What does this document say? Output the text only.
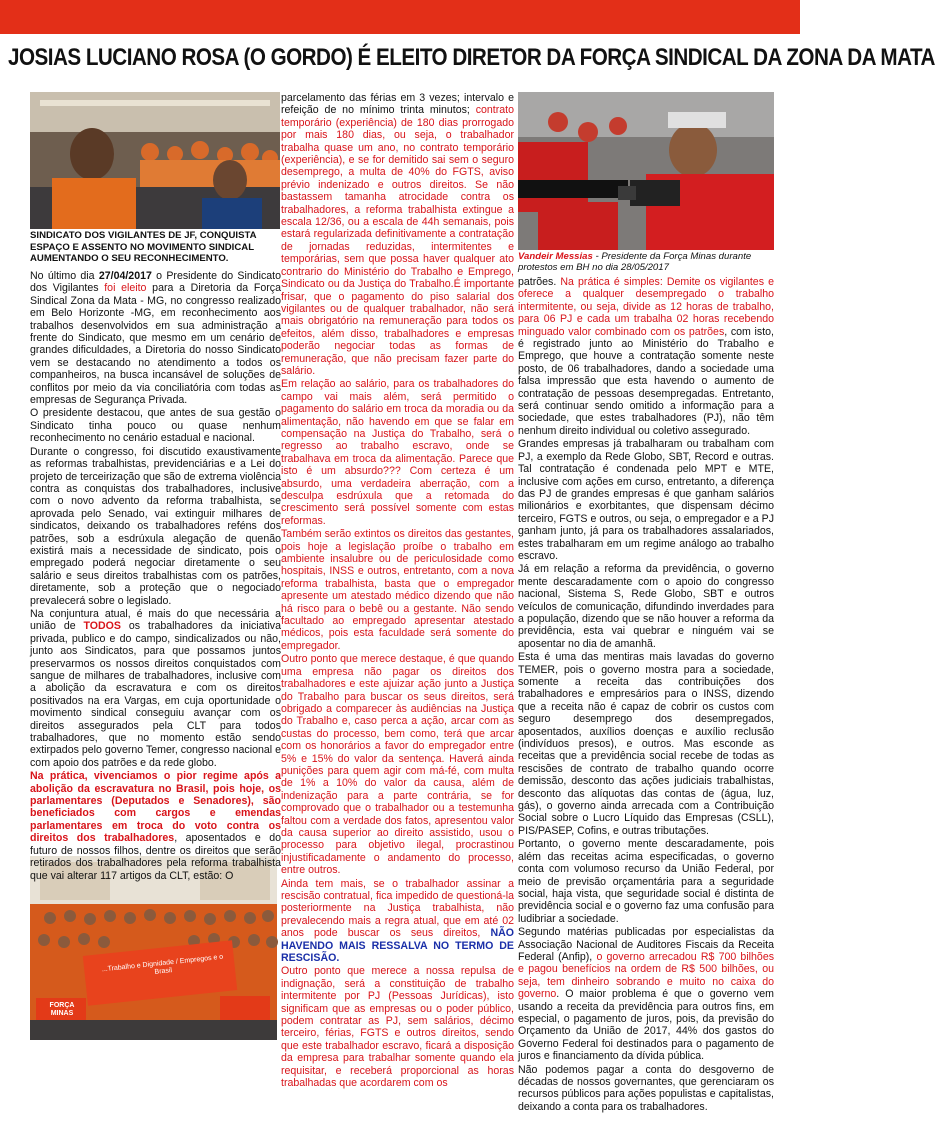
JOSIAS LUCIANO ROSA (O GORDO) É ELEITO DIRETOR DA FORÇA SINDICAL DA ZONA DA MATA
SINDICATO DOS VIGILANTES DE JF, CONQUISTA ESPAÇO E ASSENTO NO MOVIMENTO SINDICAL AUMENTANDO O SEU RECONHECIMENTO.	Vandeir Messias - Presidente da Força Minas durante protestos em BH no dia 28/05/2017
FORÇA MINAS
...Trabalho e Dignidade / Empregos e o Brasil

No último dia 27/04/2017 o Presidente do Sindicato dos Vigilantes foi eleito para a Diretoria da Força Sindical Zona da Mata - MG, no congresso realizado em Belo Horizonte -MG, em reconhecimento aos trabalhos desenvolvidos em sua administração a frente do Sindicato, que mesmo em um cenário de grandes dificuldades, a Diretoria do nosso Sindicato vem se destacando no atendimento a todos os companheiros, na busca incansável de soluções de conflitos por meio da via conciliatória com todas as empresas de Segurança Privada.

O presidente destacou, que antes de sua gestão o Sindicato tinha pouco ou quase nenhum reconhecimento no cenário estadual e nacional.

Durante o congresso, foi discutido exaustivamente as reformas trabalhistas, previdenciárias e a Lei do projeto de terceirização que são de extrema violência contra as conquistas dos trabalhadores, inclusive com o novo advento da reforma trabalhista, se aprovada pelo Senado, vai extinguir milhares de sindicatos, deixando os trabalhadores reféns dos patrões, sob a esdrúxula alegação de quenão existirá mais a necessidade de sindicato, pois o empregado poderá negociar diretamente o seu salário e seus direitos trabalhistas com os patrões, diretamente, sob a proteção que o negociado prevalecerá sobre o legislado.

Na conjuntura atual, é mais do que necessária a união de TODOS os trabalhadores da iniciativa privada, publico e do campo, sindicalizados ou não, junto aos Sindicatos, para que possamos juntos preservarmos os nossos direitos conquistados com sangue de milhares de trabalhadores, inclusive com a abolição da escravatura e com os direitos positivados na era Vargas, em cuja oportunidade o movimento sindical conseguiu avançar com os direitos assegurados pela CLT para todos trabalhadores, que no momento estão sendo extirpados pelo governo Temer, congresso nacional e com apoio dos patrões e da rede globo.

Na prática, vivenciamos o pior regime após a abolição da escravatura no Brasil, pois hoje, os parlamentares (Deputados e Senadores), são beneficiados com cargos e emendas parlamentares em troca do voto contra os direitos dos trabalhadores, aposentados e do futuro de nossos filhos, dentre os direitos que serão retirados dos trabalhadores pela reforma trabalhista que vai alterar 117 artigos da CLT, estão: O

parcelamento das férias em 3 vezes; intervalo e refeição de no mínimo trinta minutos; contrato temporário (experiência) de 180 dias prorrogado por mais 180 dias, ou seja, o trabalhador trabalha quase um ano, no contrato temporário (experiência), e se for demitido sai sem o seguro desemprego, a multa de 40% do FGTS, aviso prévio indenizado e outros direitos. Se não bastassem tamanha atrocidade contra os trabalhadores, a reforma trabalhista extingue a escala 12/36, ou a escala de 44h semanais, pois estará regularizada definitivamente a contratação de jornadas reduzidas, intermitentes e temporárias, sem que possa haver qualquer ato contrario do Ministério do Trabalho e Emprego, Sindicato ou da Justiça do Trabalho.É importante frisar, que o pagamento do piso salarial dos vigilantes ou de qualquer trabalhador, não será mais obrigatório na remuneração para todos os efeitos, além disso, trabalhadores e empresas poderão negociar todas as formas de remuneração, que não precisam fazer parte do salário.

Em relação ao salário, para os trabalhadores do campo vai mais além, será permitido o pagamento do salário em troca da moradia ou da alimentação, não havendo em que se falar em compensação na Justiça do Trabalho, será o regresso ao trabalho escravo, onde se trabalhava em troca da alimentação. Parece que isto é um absurdo??? Com certeza é um absurdo, uma verdadeira aberração, com a desculpa esdrúxula que a retomada do crescimento será possível somente com estas reformas.

Também serão extintos os direitos das gestantes, pois hoje a legislação proíbe o trabalho em ambiente insalubre ou de periculosidade como hospitais, INSS e outros, entretanto, com a nova reforma trabalhista, basta que o empregador apresente um atestado médico dizendo que não há risco para o bebê ou a gestante. Não sendo facultado ao empregado apresentar atestado médicos, pois esta faculdade será somente do empregador.

Outro ponto que merece destaque, é que quando uma empresa não pagar os direitos dos trabalhadores e este ajuizar ação junto a Justiça do Trabalho para buscar os seus direitos, será obrigado a comparecer às audiências na Justiça do Trabalho e, caso perca a ação, arcar com as custas do processo, bem como, terá que arcar com os honorários a favor do empregador entre 5% e 15% do valor da sentença. Haverá ainda punições para quem agir com má-fé, com multa de 1% a 10% do valor da causa, além de indenização para a parte contrária, se for comprovado que o trabalhador ou a testemunha faltou com a verdade dos fatos, apresentou valor da causa superior ao direito assistido, usou o processo para objetivo ilegal, procrastinou injustificadamente o andamento do processo, entre outros.

Ainda tem mais, se o trabalhador assinar a rescisão contratual, fica impedido de questioná-la posteriormente na Justiça trabalhista, não prevalecendo mais a regra atual, que em até 02 anos pode buscar os seus direitos, NÃO HAVENDO MAIS RESSALVA NO TERMO DE RESCISÃO.

Outro ponto que merece a nossa repulsa de indignação, será a constituição de trabalho intermitente por PJ (Pessoas Jurídicas), isto significam que as empresas ou o poder público, podem contratar as PJ, sem salários, décimo terceiro, férias, FGTS e outros direitos, sendo que este trabalhador escravo, ficará a disposição da empresa para trabalhar somente quando ela requisitar, e receberá proporcional as horas trabalhadas que acordarem com os

patrões. Na prática é simples: Demite os vigilantes e oferece a qualquer desempregado o trabalho intermitente, ou seja, divide as 12 horas de trabalho, para 06 PJ e cada um trabalha 02 horas recebendo minguado valor combinado com os patrões, com isto, é registrado junto ao Ministério do Trabalho e Emprego, que houve a contratação somente neste posto, de 06 trabalhadores, dando a sociedade uma falsa impressão que esta havendo o aumento de contratação de pessoas desempregadas. Entretanto, será continuar sendo omitido a informação para a sociedade, que estes trabalhadores (PJ), não têm nenhum direito individual ou coletivo assegurado.

Grandes empresas já trabalharam ou trabalham com PJ, a exemplo da Rede Globo, SBT, Record e outras. Tal contratação é condenada pelo MPT e MTE, inclusive com ações em curso, entretanto, a diferença das PJ de grandes empresas é que ganham salários milionários e exorbitantes, que dispensam décimo terceiro, FGTS e outros, ou seja, o empregador e a PJ ganham junto, já para os trabalhadores assalariados, estes trabalharam em um regime análogo ao trabalho escravo.

Já em relação a reforma da previdência, o governo mente descaradamente com o apoio do congresso nacional, Sistema S, Rede Globo, SBT e outros veículos de comunicação, difundindo inverdades para a população, dizendo que se não houver a reforma da previdência, esta vai quebrar e ninguém vai se aposentar no dia de amanhã.

Esta é uma das mentiras mais lavadas do governo TEMER, pois o governo mostra para a sociedade, somente a receita das contribuições dos trabalhadores e empresários para o INSS, dizendo que a receita não é capaz de cobrir os custos com seguro desemprego dos desempregados, aposentados, auxílios doenças e auxílio reclusão (indivíduos presos), e outros. Mas esconde as receitas que a previdência social recebe de todas as rescisões de contrato de trabalho quando ocorre demissão, desconto das ações judiciais trabalhistas, desconto das alíquotas das contas de (água, luz, gás), o governo ainda arrecada com a Contribuição Social sobre o Lucro Líquido das Empresas (CSLL), PIS/PASEP, Cofins, e outras tributações.

Portanto, o governo mente descaradamente, pois além das receitas acima especificadas, o governo conta com volumoso recurso da União Federal, por meio de previsão orçamentária para a seguridade social, haja vista, que seguridade social é distinta de previdência social e o governo faz uma confusão para ludibriar a sociedade.

Segundo matérias publicadas por especialistas da Associação Nacional de Auditores Fiscais da Receita Federal (Anfip), o governo arrecadou R$ 700 bilhões e pagou benefícios na ordem de R$ 500 bilhões, ou seja, tem dinheiro sobrando e muito no caixa do governo. O maior problema é que o governo vem usando a receita da previdência para outros fins, em especial, o pagamento de juros, pois, da previsão do Orçamento da União de 2017, 44% dos gastos do Governo Federal foi destinados para o pagamento de juros e financiamento da dívida pública.

Não podemos pagar a conta do desgoverno de décadas de nossos governantes, que gerenciaram os recursos públicos para ações populistas e capitalistas, deixando a conta para os trabalhadores.
